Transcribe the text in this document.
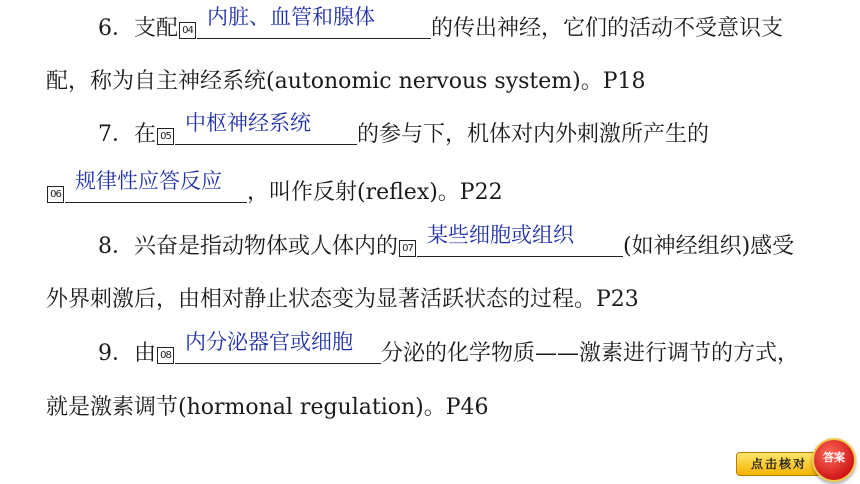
6．支配 04
内脏、血管和腺体	的传出神经，它们的活动不受意识支
配，称为自主神经系统(autonomic nervous system)。P18
7．在 05
中枢神经系统 的参与下，机体对内外刺激所产生的
06
规律性应答反应 ，叫作反射(reflex)。P22
8．兴奋是指动物体或人体内的 07
某些细胞或组织 (如神经组织)感受
外界刺激后，由相对静止状态变为显著活跃状态的过程。P23
9．由 08
内分泌器官或细胞 分泌的化学物质——激素进行调节的方式，
就是激素调节(hormonal regulation)。P46
点击核对	答案
